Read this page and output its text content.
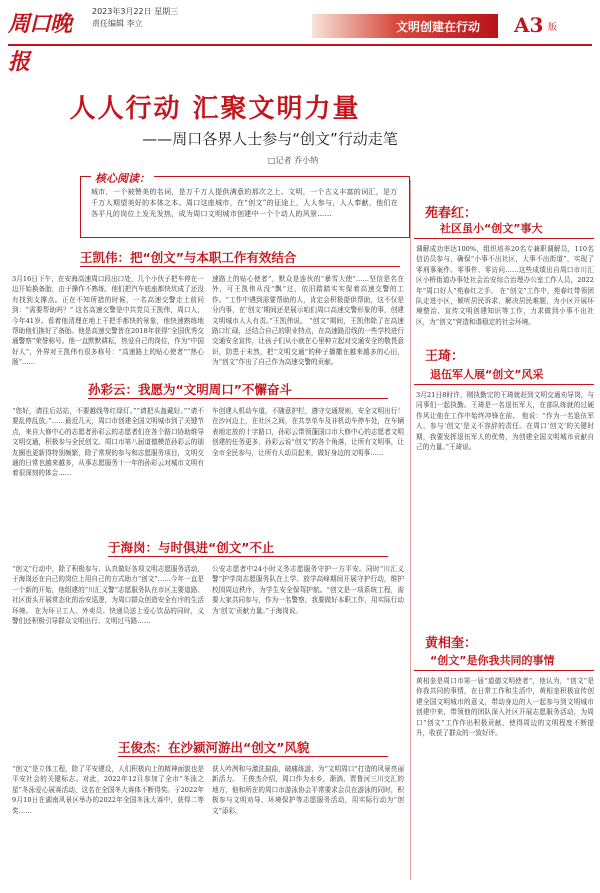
周口晚报
2023年3月22日 星期三
责任编辑 李立	文明创建在行动 A3 版
人人行动 汇聚文明力量
——周口各界人士参与“创文”行动走笔
□记者 乔小纳
核心阅读：
城市，一个被赞美的名词，是万千万人提供满意的那次之上。文明，一个古义丰富的词汇，是万千万人期望美好的本体之本。周口这座城市，在“创文”的征途上，人人参与，人人奉献，他们在各平凡的岗位上发光发热，成为周口文明城市创建中一个个动人的风景……
王凯伟：把“创文”与本职工作有效结合
3月16日下午，在安海高速周口段出口处，几个小伙子把车停在一边开始换备胎，由于操作不熟练，他们把汽车底座都快坑成了还没有找到支撑点。正在不知所措的时候，一名高速交警走上前问到：“需要帮助吗？” 这名高速交警是中共党员王凯伟，周口人，今年41岁。看着他清理在地上干把手都快的景象，他快速熟练地帮助他们换好了备胎。他是高速交警皆在2018年获得“全国优秀交通警察”荣誉称号。他一直默默耕耘，热爱自己的岗位，作为“中国好人”，外界对王凯伟有很多称号：“高速路上的贴心使者”“热心肠”……
速路上的贴心使者”，默众是连伙的“暴雪大使”……坚信是名在外，可王凯伟从没“飘”过，依旧踏踏实实保着高速交警的工作。“工作中遇到需要帮助的人，肯定会积极提供帮助，这不仅是分内事，在‘创文’期间还是展示咱们周口高速交警形象的事，创建文明城市人人有责。”王凯伟说。 “创文”期间，王凯伟除了在高速路口忙碌，还结合自己的职业特点，在高速路沿线的一些学校进行交通安全宣传，让孩子们从小就在心里种立起对交通安全的敬畏意识，防患于未然，把“文明交通”的种子播撒在越来越多的心田，为“创文”作出了自己作为高速交警的贡献。
孙彩云：我愿为“文明周口”不懈奋斗
“您好，请往后站站，不要越线等红绿灯。”“请把头盔戴好。”“请不要乱停乱放。”……最近几天，周口市创建全国文明城市到了关键节点，来自大修中心的志愿者孙彩云的志愿者们在各个路口协助维导文明交通，积极参与全民创文。周口市第八届道德模范孙彩云的朋友圈也更新得特别频繁，除了常规的参与和志愿服务项目，文明交通的日常也越来越多，从事志愿服务十一年的孙彩云对城市文明有着很深刻的体会……
车创建人机动车道，不随意护栏，遵守交通规则，安全文明出行！ 在沙河边上，在社区之间，在共享单车及非机动车停车处，在车辆表地定放的十字路口，孙彩云带领蓬国口市大修中心的志愿者文明创建的任务更多，孙彩云说“创文”的各个角落，让所有文明事，让全市全民参与，让所有人动员起来，做好身边的文明事……
于海岗：与时俱进“创文”不止
“创文”行动中，除了积极参与、认真做好各项文明志愿服务活动，于海岗还在自己的岗位上用自己的方式助力“创文”……今年一直是一个新的开始，他组建的“川汇义警”志愿服务队在市区主要道路、社区街头开展常态化的治安巡逻，为周口群众创造安全有序的生活环境。 在为环卫工人、外卖员、快递员送上爱心饮品的同时，义警们还积极引导群众文明出行、文明过马路……
公安志愿者中24小时义务志愿服务守护一方平安。同时“川汇义警”护学岗志愿服务队在上学、放学高峰期间开展守护行动，维护校园周边秩序，为学生安全保驾护航。“创文是一项系统工程，需要大家共同参与，作为一名警察，我要做好本职工作，用实际行动为‘创文’贡献力量。”于海岗说。
王俊杰：在沙颍河游出“创文”风貌
“创文”是立体工程，除了平安建设，人们积极向上的精神面貌也是平安社会的关键标志。对此，2022年12月参加了全市“冬泳之星”冬泳爱心展赛活动，这名在全国冬大赛体不断得奖。于2022年9月10日在湖南风景区举办的2022年全国冬泳大赛中，获得二等奖……
获人吟冽和与激洗揣曲，破痛练游，为“文明周口”打造的风景亮丽新活力。 王俊杰介绍，周口作为水乡，渐淌、贾鲁河三川交汇的地方，他和所在的周口市游泳协会平常要求会员在游泳的同时，积极参与文明劝导、环境保护等志愿服务活动，用实际行动为“创文”添彩。
苑春红：
社区虽小“创文”事大
调解成功率达100%，组织培养20名专兼职调解员，110名信访员参与，确保“小事不出社区，大事不出街道”，实现了零刑事案件、零事件、零访问……这些成绩出自周口市川汇区小桥街道办事处社会治安综合治理办公室工作人员，2022年“周口好人”苑春红之手。 在“创文”工作中，苑春红带领团队走进小区，倾听居民诉求，解决居民难题，为小区开展环境整治、宣传文明创建知识等工作，力求做到小事不出社区，为“创文”营造和谐稳定的社会环境。
王琦：
退伍军人展“创文”风采
3月21日8时许，刚执勤完的王琦就赶到文明交通劝导岗，与同事们一起执勤。王琦是一名退伍军人，在部队练就的过硬作风让他在工作中始终冲锋在前。 他说：“作为一名退伍军人，参与‘创文’是义不容辞的责任。在周口‘创文’的关键时期，我要发挥退伍军人的优势，为创建全国文明城市贡献自己的力量。”王琦说。
黄相奎：
“创文”是你我共同的事情
黄相奎是周口市第一届“道德文明使者”，他认为，“创文”是你我共同的事情，在日常工作和生活中，黄相奎积极宣传创建全国文明城市的意义，带动身边的人一起参与到文明城市创建中来，带领他的团队深入社区开展志愿服务活动，为周口“创文”工作作出积极贡献，使得周边的文明程度不断提升，收获了群众的一致好评。
